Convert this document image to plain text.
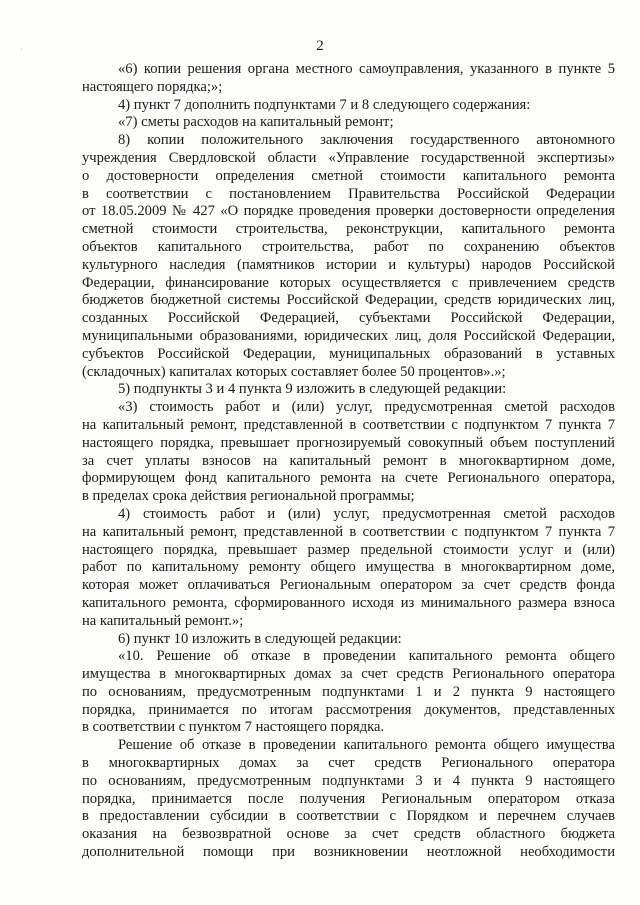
2
·
«6) копии решения органа местного самоуправления, указанного в пункте 5
настоящего порядка;»;
4) пункт 7 дополнить подпунктами 7 и 8 следующего содержания:
«7) сметы расходов на капитальный ремонт;
8) копии положительного заключения государственного автономного
учреждения Свердловской области «Управление государственной экспертизы»
о достоверности определения сметной стоимости капитального ремонта
в соответствии с постановлением Правительства Российской Федерации
от 18.05.2009 № 427 «О порядке проведения проверки достоверности определения
сметной стоимости строительства, реконструкции, капитального ремонта
объектов капитального строительства, работ по сохранению объектов
культурного наследия (памятников истории и культуры) народов Российской
Федерации, финансирование которых осуществляется с привлечением средств
бюджетов бюджетной системы Российской Федерации, средств юридических лиц,
созданных Российской Федерацией, субъектами Российской Федерации,
муниципальными образованиями, юридических лиц, доля Российской Федерации,
субъектов Российской Федерации, муниципальных образований в уставных
(складочных) капиталах которых составляет более 50 процентов».»;
5) подпункты 3 и 4 пункта 9 изложить в следующей редакции:
«3) стоимость работ и (или) услуг, предусмотренная сметой расходов
на капитальный ремонт, представленной в соответствии с подпунктом 7 пункта 7
настоящего порядка, превышает прогнозируемый совокупный объем поступлений
за счет уплаты взносов на капитальный ремонт в многоквартирном доме,
формирующем фонд капитального ремонта на счете Регионального оператора,
в пределах срока действия региональной программы;
4) стоимость работ и (или) услуг, предусмотренная сметой расходов
на капитальный ремонт, представленной в соответствии с подпунктом 7 пункта 7
настоящего порядка, превышает размер предельной стоимости услуг и (или)
работ по капитальному ремонту общего имущества в многоквартирном доме,
которая может оплачиваться Региональным оператором за счет средств фонда
капитального ремонта, сформированного исходя из минимального размера взноса
на капитальный ремонт.»;
6) пункт 10 изложить в следующей редакции:
«10. Решение об отказе в проведении капитального ремонта общего
имущества в многоквартирных домах за счет средств Регионального оператора
по основаниям, предусмотренным подпунктами 1 и 2 пункта 9 настоящего
порядка, принимается по итогам рассмотрения документов, представленных
в соответствии с пунктом 7 настоящего порядка.
Решение об отказе в проведении капитального ремонта общего имущества
в многоквартирных домах за счет средств Регионального оператора
по основаниям, предусмотренным подпунктами 3 и 4 пункта 9 настоящего
порядка, принимается после получения Региональным оператором отказа
в предоставлении субсидии в соответствии с Порядком и перечнем случаев
оказания на безвозвратной основе за счет средств областного бюджета
дополнительной помощи при возникновении неотложной необходимости
